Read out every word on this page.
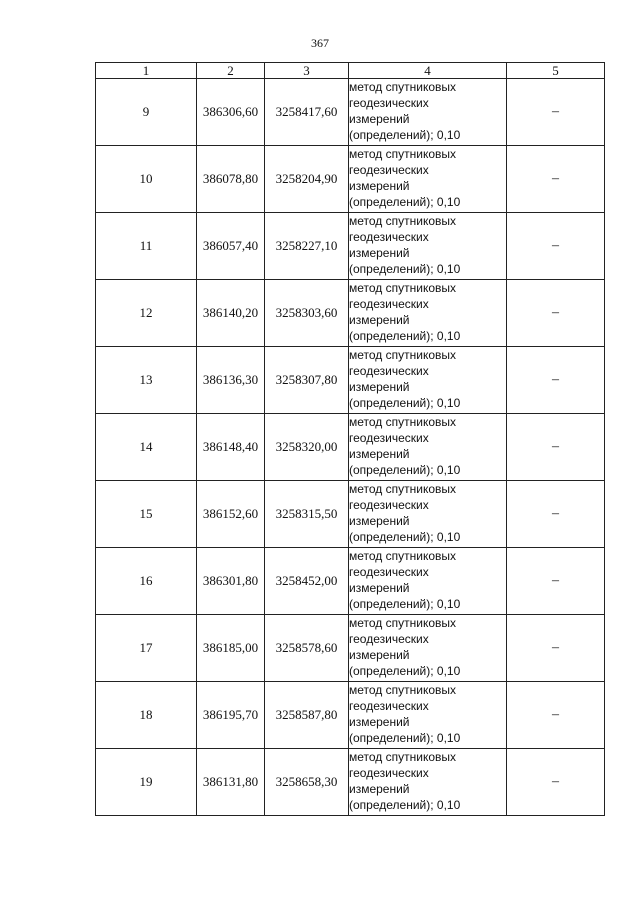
367
1	2	3	4	5
9	386306,60	3258417,60	метод спутниковых
геодезических
измерений
(определений); 0,10	–
10	386078,80	3258204,90	метод спутниковых
геодезических
измерений
(определений); 0,10	–
11	386057,40	3258227,10	метод спутниковых
геодезических
измерений
(определений); 0,10	–
12	386140,20	3258303,60	метод спутниковых
геодезических
измерений
(определений); 0,10	–
13	386136,30	3258307,80	метод спутниковых
геодезических
измерений
(определений); 0,10	–
14	386148,40	3258320,00	метод спутниковых
геодезических
измерений
(определений); 0,10	–
15	386152,60	3258315,50	метод спутниковых
геодезических
измерений
(определений); 0,10	–
16	386301,80	3258452,00	метод спутниковых
геодезических
измерений
(определений); 0,10	–
17	386185,00	3258578,60	метод спутниковых
геодезических
измерений
(определений); 0,10	–
18	386195,70	3258587,80	метод спутниковых
геодезических
измерений
(определений); 0,10	–
19	386131,80	3258658,30	метод спутниковых
геодезических
измерений
(определений); 0,10	–
